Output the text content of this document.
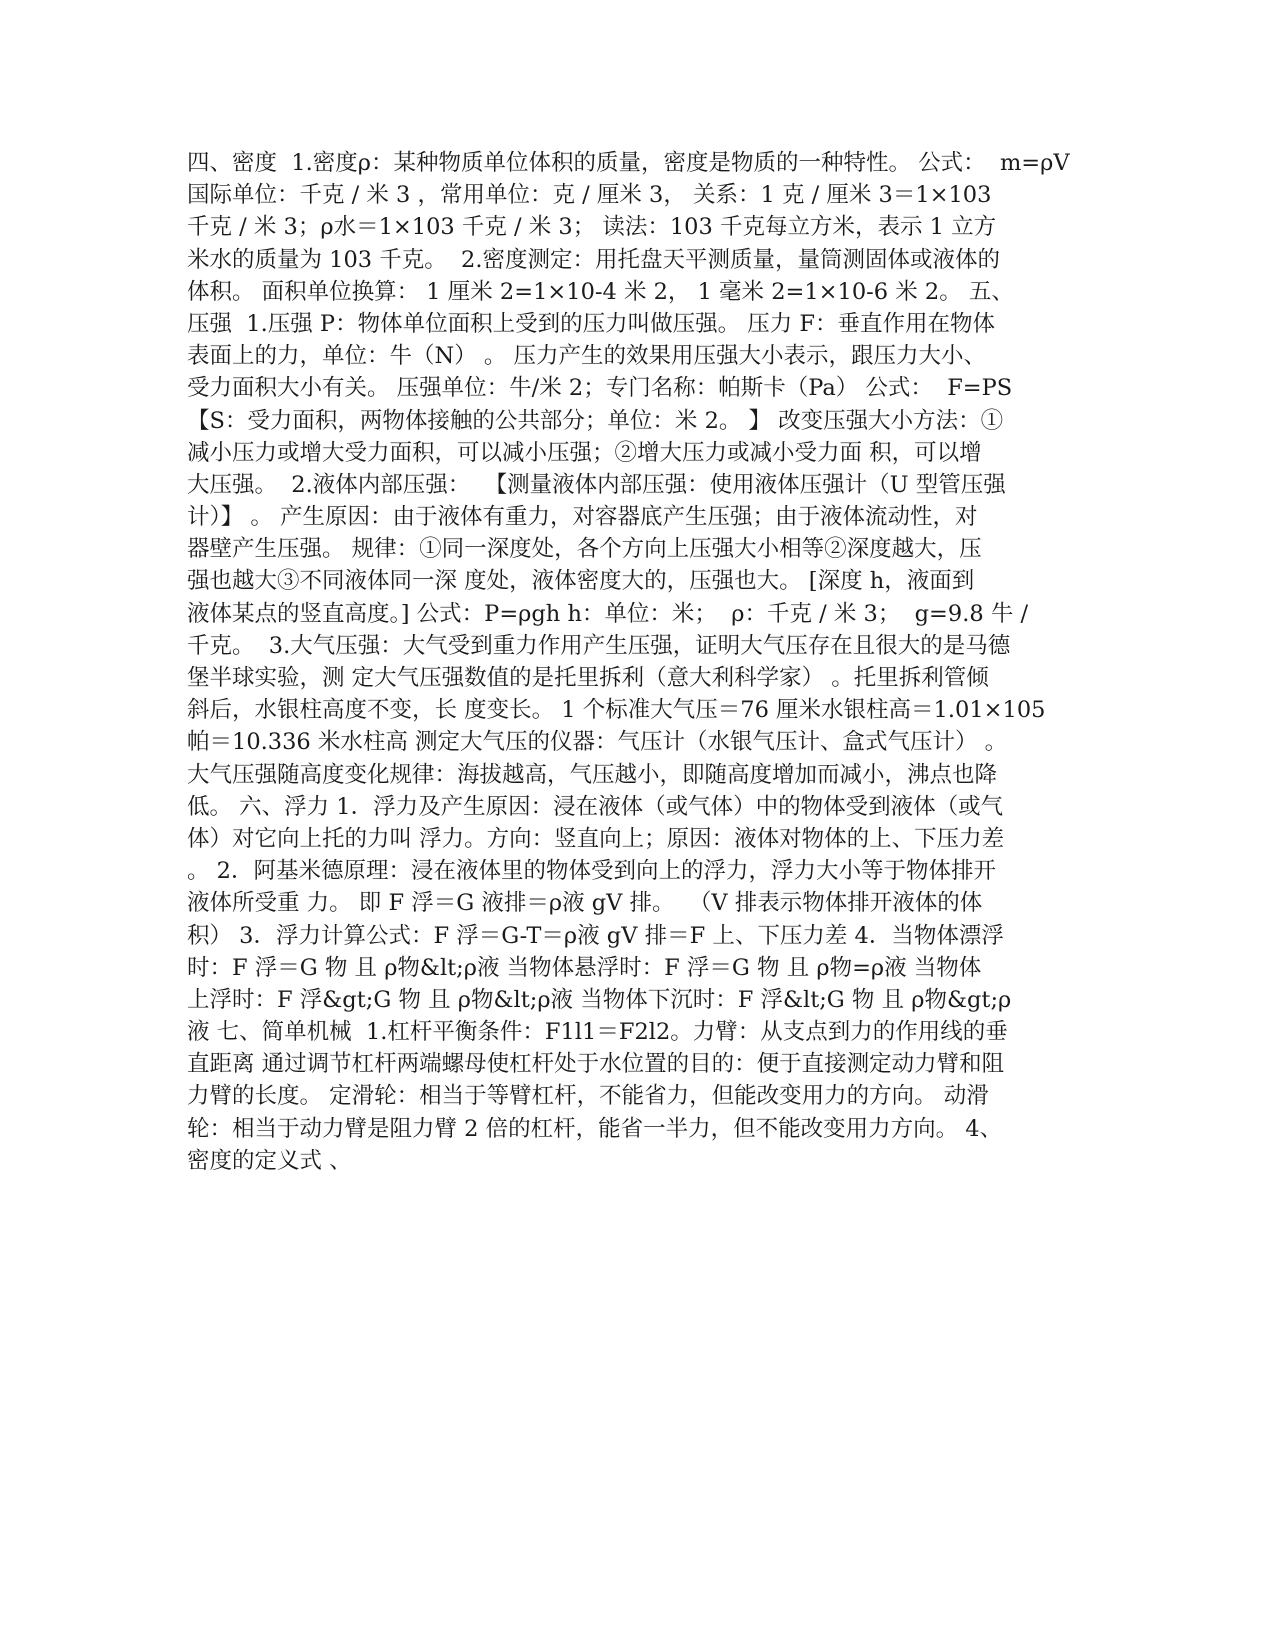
四、密度  1.密度ρ：某种物质单位体积的质量，密度是物质的一种特性。 公式：  m=ρV
国际单位：千克 / 米 3 ，常用单位：克 / 厘米 3， 关系：1 克 / 厘米 3＝1×103
千克 / 米 3；ρ水＝1×103 千克 / 米 3； 读法：103 千克每立方米，表示 1 立方
米水的质量为 103 千克。  2.密度测定：用托盘天平测质量，量筒测固体或液体的
体积。 面积单位换算： 1 厘米 2=1×10-4 米 2， 1 毫米 2=1×10-6 米 2。 五、
压强  1.压强 P：物体单位面积上受到的压力叫做压强。 压力 F：垂直作用在物体
表面上的力，单位：牛（N） 。 压力产生的效果用压强大小表示，跟压力大小、
受力面积大小有关。 压强单位：牛/米 2；专门名称：帕斯卡（Pa） 公式：  F=PS
【S：受力面积，两物体接触的公共部分；单位：米 2。 】 改变压强大小方法：①
减小压力或增大受力面积，可以减小压强；②增大压力或减小受力面 积，可以增
大压强。  2.液体内部压强：  【测量液体内部压强：使用液体压强计（U 型管压强
计）】 。 产生原因：由于液体有重力，对容器底产生压强；由于液体流动性，对
器壁产生压强。 规律：①同一深度处，各个方向上压强大小相等②深度越大，压
强也越大③不同液体同一深 度处，液体密度大的，压强也大。 [深度 h，液面到
液体某点的竖直高度。] 公式：P=ρgh h：单位：米；  ρ：千克 / 米 3；  g=9.8 牛 /
千克。  3.大气压强：大气受到重力作用产生压强，证明大气压存在且很大的是马德
堡半球实验，测 定大气压强数值的是托里拆利（意大利科学家） 。托里拆利管倾
斜后，水银柱高度不变，长 度变长。 1 个标准大气压＝76 厘米水银柱高＝1.01×105
帕＝10.336 米水柱高 测定大气压的仪器：气压计（水银气压计、盒式气压计） 。
大气压强随高度变化规律：海拔越高，气压越小，即随高度增加而减小，沸点也降
低。 六、浮力 1．浮力及产生原因：浸在液体（或气体）中的物体受到液体（或气
体）对它向上托的力叫 浮力。方向：竖直向上；原因：液体对物体的上、下压力差
。 2．阿基米德原理：浸在液体里的物体受到向上的浮力，浮力大小等于物体排开
液体所受重 力。 即 F 浮＝G 液排＝ρ液 gV 排。  （V 排表示物体排开液体的体
积） 3．浮力计算公式：F 浮＝G-T＝ρ液 gV 排＝F 上、下压力差 4．当物体漂浮
时：F 浮＝G 物 且 ρ物&lt;ρ液 当物体悬浮时：F 浮＝G 物 且 ρ物=ρ液 当物体
上浮时：F 浮&gt;G 物 且 ρ物&lt;ρ液 当物体下沉时：F 浮&lt;G 物 且 ρ物&gt;ρ
液 七、简单机械  1.杠杆平衡条件：F1l1＝F2l2。力臂：从支点到力的作用线的垂
直距离 通过调节杠杆两端螺母使杠杆处于水位置的目的：便于直接测定动力臂和阻
力臂的长度。 定滑轮：相当于等臂杠杆，不能省力，但能改变用力的方向。 动滑
轮：相当于动力臂是阻力臂 2 倍的杠杆，能省一半力，但不能改变用力方向。 4、
密度的定义式 、
